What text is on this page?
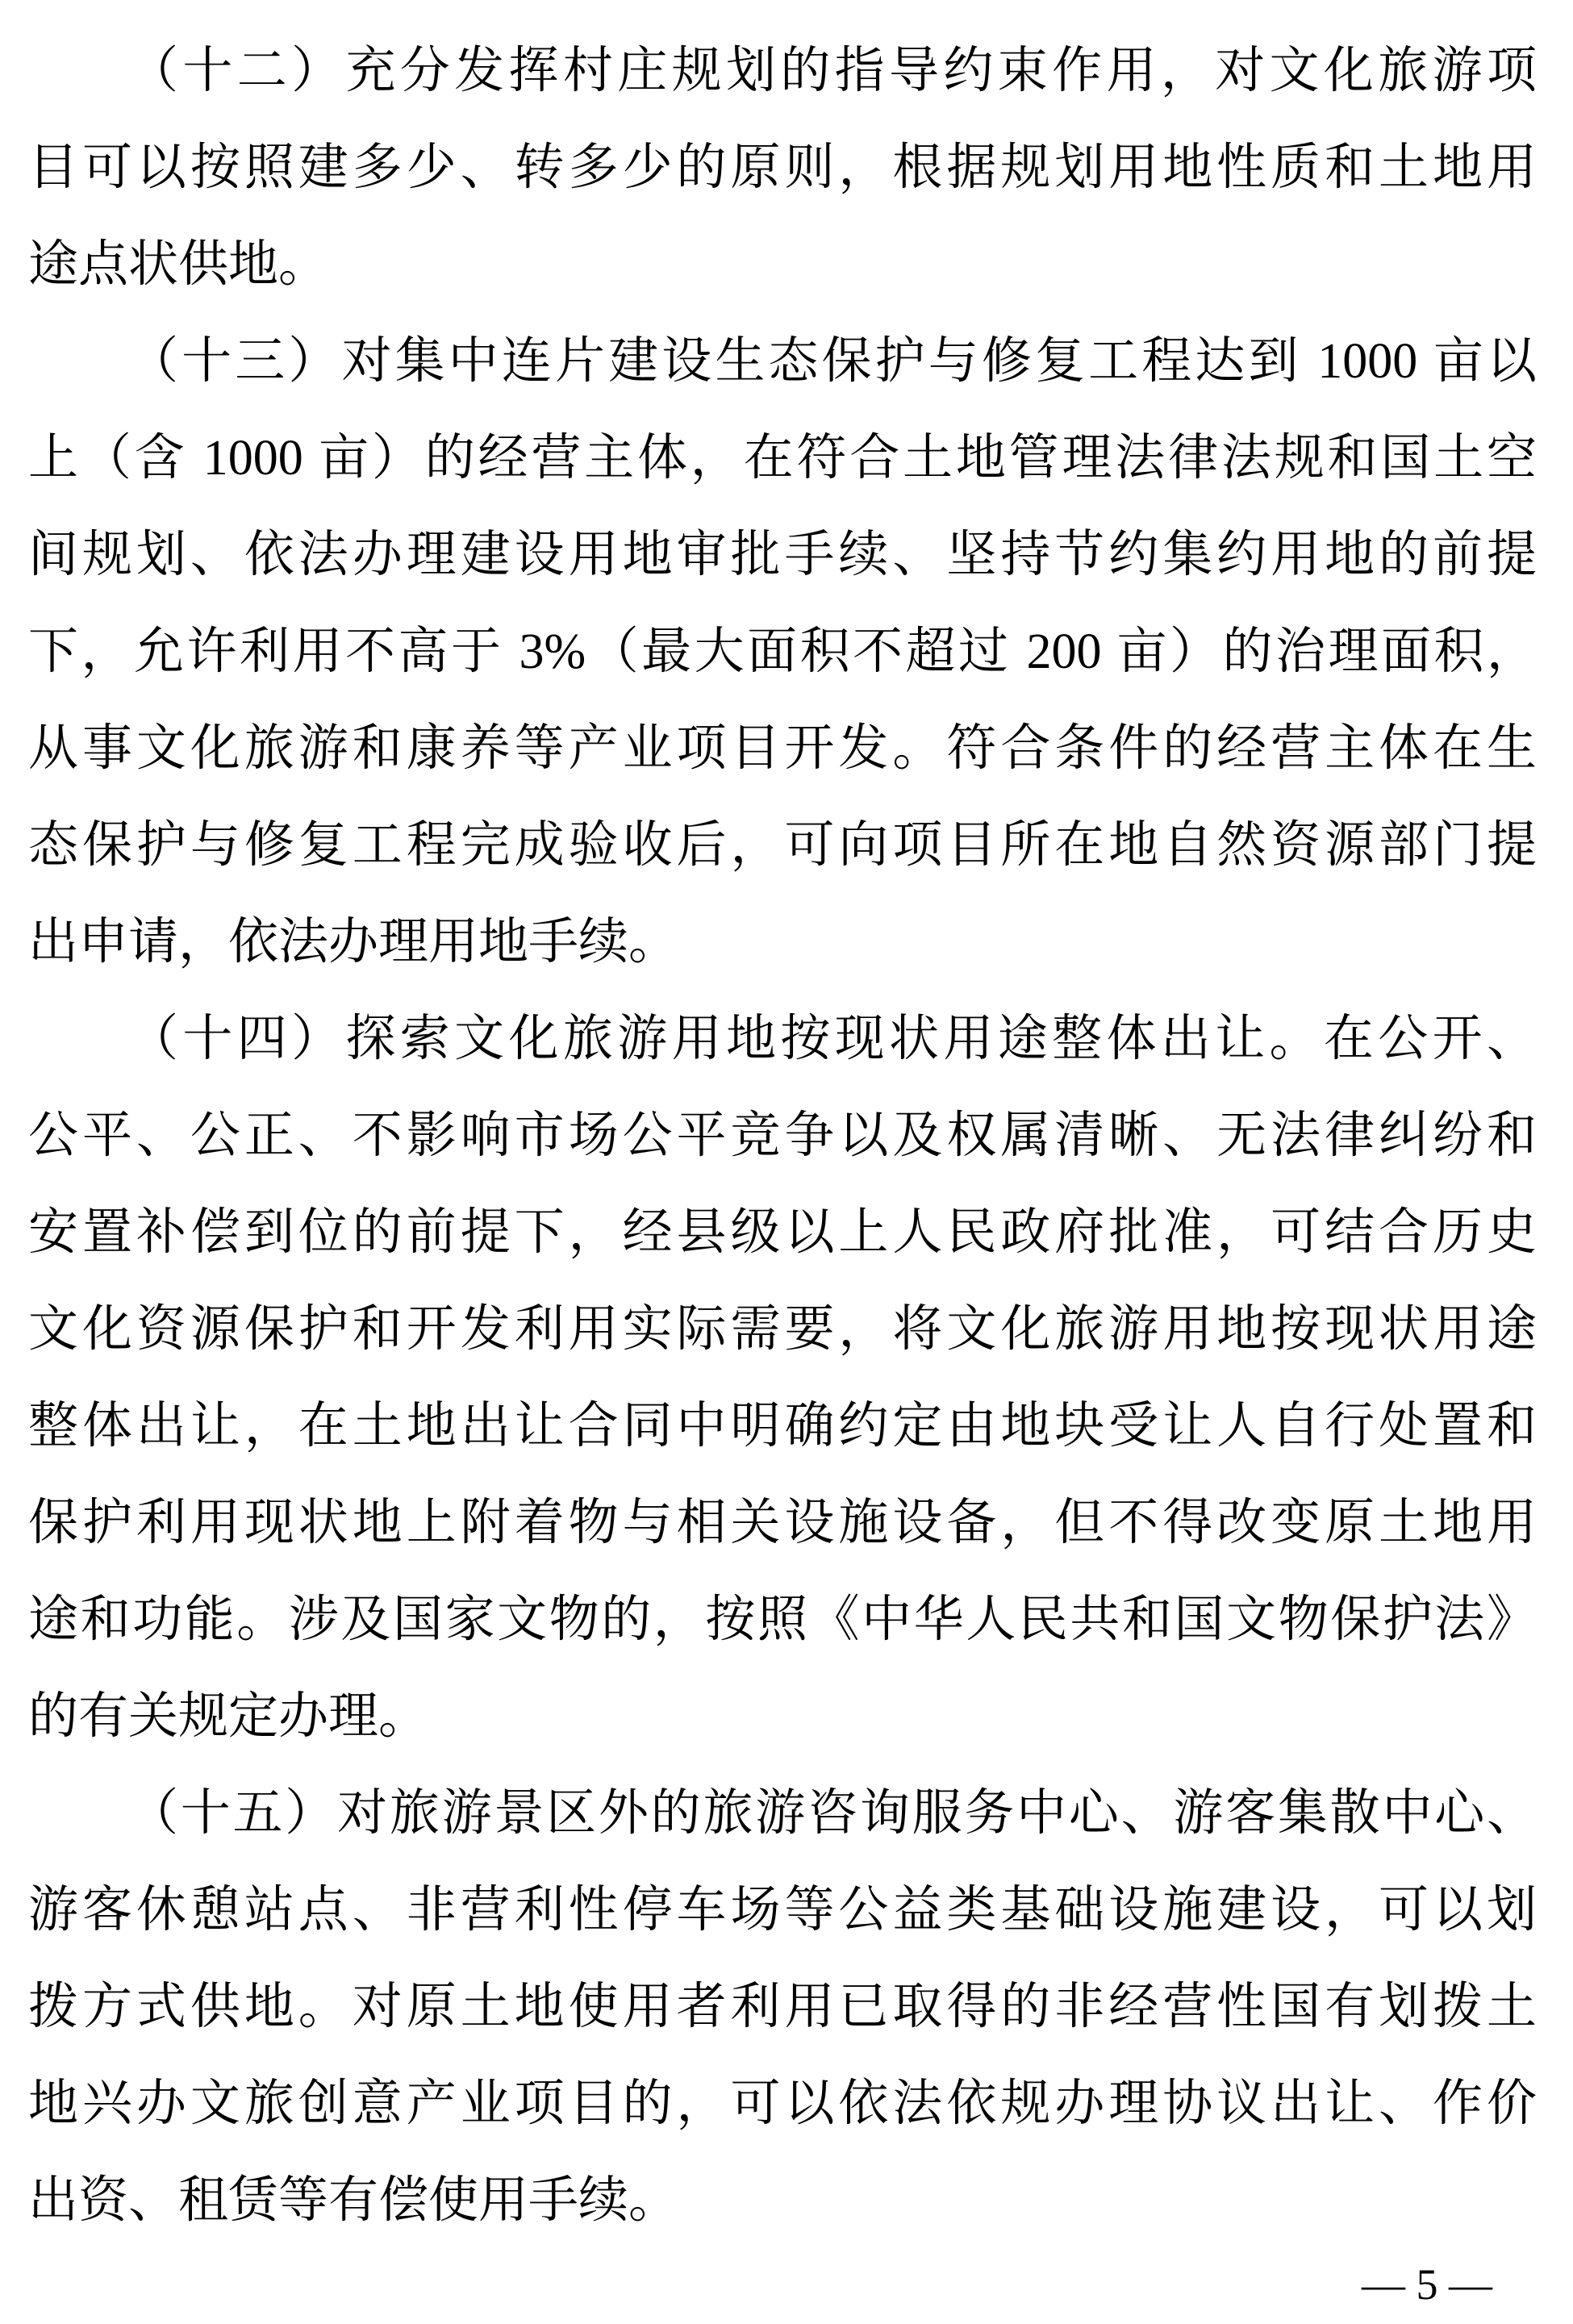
（十二）充分发挥村庄规划的指导约束作用，对文化旅游项
目可以按照建多少、转多少的原则，根据规划用地性质和土地用
途点状供地。
（十三）对集中连片建设生态保护与修复工程达到 1000 亩以
上（含 1000 亩）的经营主体，在符合土地管理法律法规和国土空
间规划、依法办理建设用地审批手续、坚持节约集约用地的前提
下，允许利用不高于 3%（最大面积不超过 200 亩）的治理面积，
从事文化旅游和康养等产业项目开发。符合条件的经营主体在生
态保护与修复工程完成验收后，可向项目所在地自然资源部门提
出申请，依法办理用地手续。
（十四）探索文化旅游用地按现状用途整体出让。在公开、
公平、公正、不影响市场公平竞争以及权属清晰、无法律纠纷和
安置补偿到位的前提下，经县级以上人民政府批准，可结合历史
文化资源保护和开发利用实际需要，将文化旅游用地按现状用途
整体出让，在土地出让合同中明确约定由地块受让人自行处置和
保护利用现状地上附着物与相关设施设备，但不得改变原土地用
途和功能。涉及国家文物的，按照《中华人民共和国文物保护法》
的有关规定办理。
（十五）对旅游景区外的旅游咨询服务中心、游客集散中心、
游客休憩站点、非营利性停车场等公益类基础设施建设，可以划
拨方式供地。对原土地使用者利用已取得的非经营性国有划拨土
地兴办文旅创意产业项目的，可以依法依规办理协议出让、作价
出资、租赁等有偿使用手续。
— 5 —
